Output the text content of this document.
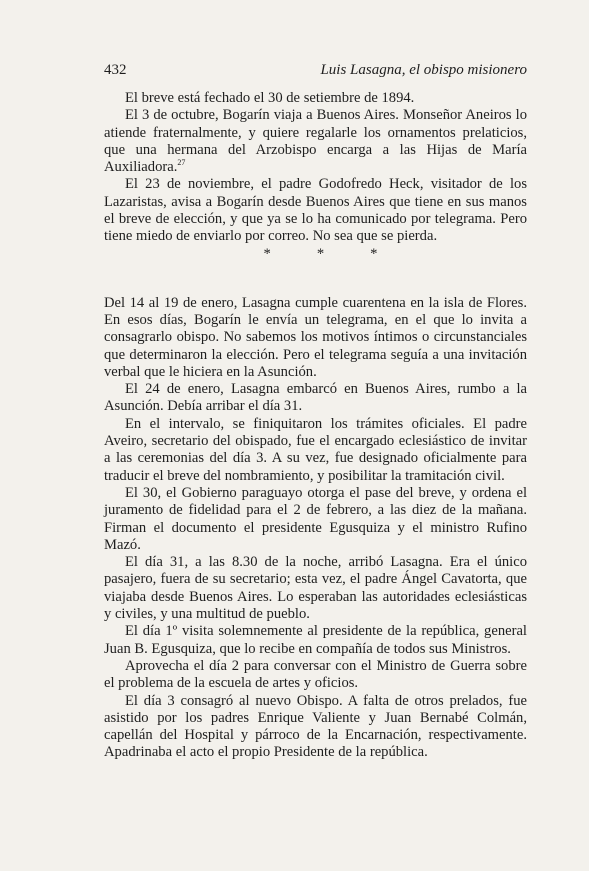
432	Luis Lasagna, el obispo misionero

El breve está fechado el 30 de setiembre de 1894.

El 3 de octubre, Bogarín viaja a Buenos Aires. Monseñor Aneiros lo atiende fraternalmente, y quiere regalarle los ornamentos prelaticios, que una hermana del Arzobispo encarga a las Hijas de María Auxiliadora.$^{27}$

El 23 de noviembre, el padre Godofredo Heck, visitador de los Lazaristas, avisa a Bogarín desde Buenos Aires que tiene en sus manos el breve de elección, y que ya se lo ha comunicado por telegrama. Pero tiene miedo de enviarlo por correo. No sea que se pierda.

*	*	*

Del 14 al 19 de enero, Lasagna cumple cuarentena en la isla de Flores. En esos días, Bogarín le envía un telegrama, en el que lo invita a consagrarlo obispo. No sabemos los motivos íntimos o circunstanciales que determinaron la elección. Pero el telegrama seguía a una invitación verbal que le hiciera en la Asunción.

El 24 de enero, Lasagna embarcó en Buenos Aires, rumbo a la Asunción. Debía arribar el día 31.

En el intervalo, se finiquitaron los trámites oficiales. El padre Aveiro, secretario del obispado, fue el encargado eclesiástico de invitar a las ceremonias del día 3. A su vez, fue designado oficialmente para traducir el breve del nombramiento, y posibilitar la tramitación civil.

El 30, el Gobierno paraguayo otorga el pase del breve, y ordena el juramento de fidelidad para el 2 de febrero, a las diez de la mañana. Firman el documento el presidente Egusquiza y el ministro Rufino Mazó.

El día 31, a las 8.30 de la noche, arribó Lasagna. Era el único pasajero, fuera de su secretario; esta vez, el padre Ángel Cavatorta, que viajaba desde Buenos Aires. Lo esperaban las autoridades eclesiásticas y civiles, y una multitud de pueblo.

El día 1º visita solemnemente al presidente de la república, general Juan B. Egusquiza, que lo recibe en compañía de todos sus Ministros.

Aprovecha el día 2 para conversar con el Ministro de Guerra sobre el problema de la escuela de artes y oficios.

El día 3 consagró al nuevo Obispo. A falta de otros prelados, fue asistido por los padres Enrique Valiente y Juan Bernabé Colmán, capellán del Hospital y párroco de la Encarnación, respectivamente. Apadrinaba el acto el propio Presidente de la república.
